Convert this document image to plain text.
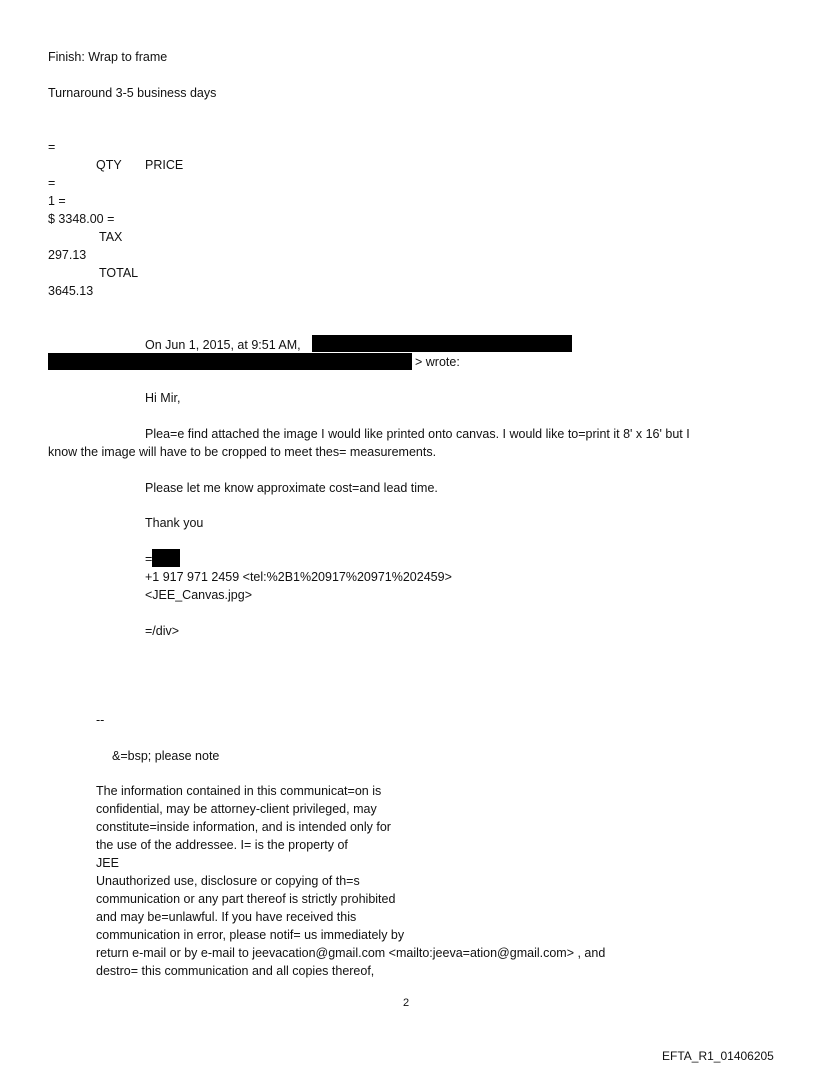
Finish: Wrap to frame
Turnaround 3-5 business days
=
QTY PRICE
=
1 =
$ 3348.00 =
TAX
297.13
TOTAL
3645.13
On Jun 1, 2015, at 9:51 AM,
> wrote:
Hi Mir,
Plea=e find attached the image I would like printed onto canvas. I would like to=print it 8' x 16' but I
know the image will have to be cropped to meet thes= measurements.
Please let me know approximate cost=and lead time.
Thank you
=
+1 917 971 2459 <tel:%2B1%20917%20971%202459>
<JEE_Canvas.jpg>
=/div>
--
&=bsp; please note
The information contained in this communicat=on is
confidential, may be attorney-client privileged, may
constitute=inside information, and is intended only for
the use of the addressee. I= is the property of
JEE
Unauthorized use, disclosure or copying of th=s
communication or any part thereof is strictly prohibited
and may be=unlawful. If you have received this
communication in error, please notif= us immediately by
return e-mail or by e-mail to jeevacation@gmail.com <mailto:jeeva=ation@gmail.com> , and
destro= this communication and all copies thereof,
2
EFTA_R1_01406205
